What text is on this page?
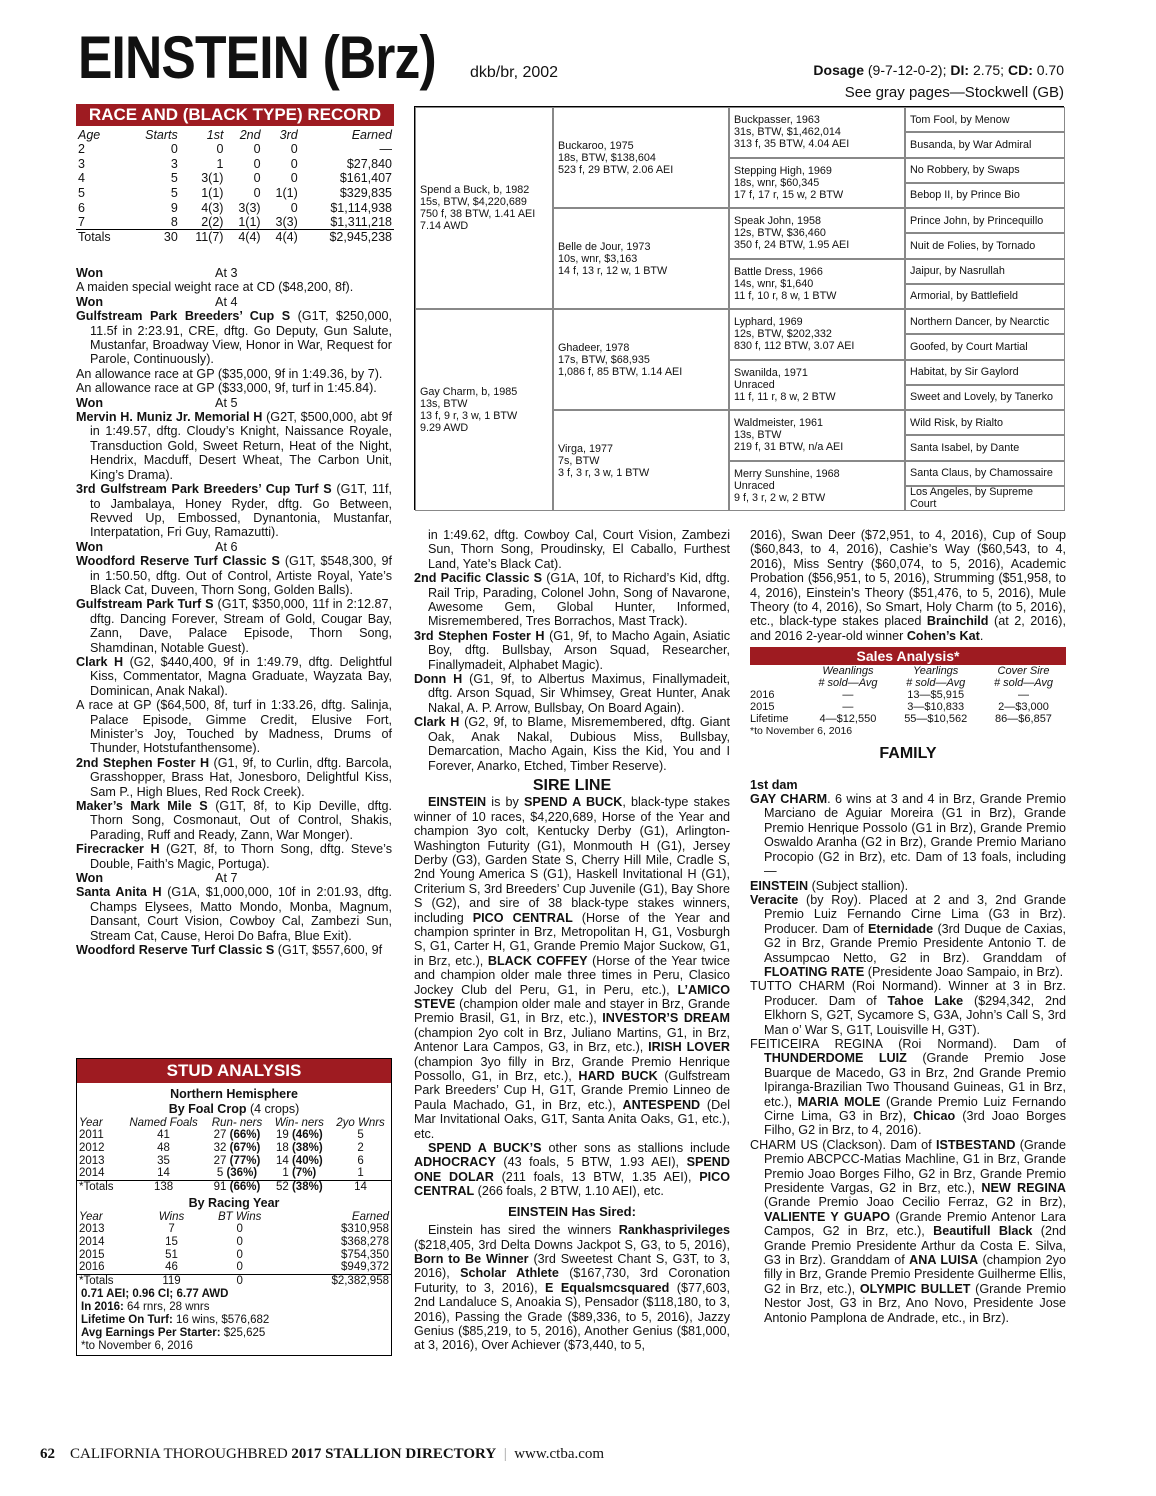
EINSTEIN (Brz) dkb/br, 2002	Dosage (9-7-12-0-2); DI: 2.75; CD: 0.70
See gray pages—Stockwell (GB)
RACE AND (BLACK TYPE) RECORD
Age	Starts	1st	2nd	3rd	Earned
2	0	0	0	0	—
3	3	1	0	0	$27,840
4	5	3(1)	0	0	$161,407
5	5	1(1)	0	1(1)	$329,835
6	9	4(3)	3(3)	0	$1,114,938
7	8	2(2)	1(1)	3(3)	$1,311,218
Totals	30	11(7)	4(4)	4(4)	$2,945,238
Won	At 3

A maiden special weight race at CD ($48,200, 8f).

Won	At 4

Gulfstream Park Breeders’ Cup S (G1T, $250,000, 11.5f in 2:23.91, CRE, dftg. Go Deputy, Gun Salute, Mustanfar, Broadway View, Honor in War, Request for Parole, Continuously).

An allowance race at GP ($35,000, 9f in 1:49.36, by 7).

An allowance race at GP ($33,000, 9f, turf in 1:45.84).

Won	At 5

Mervin H. Muniz Jr. Memorial H (G2T, $500,000, abt 9f in 1:49.57, dftg. Cloudy’s Knight, Naissance Royale, Transduction Gold, Sweet Return, Heat of the Night, Hendrix, Macduff, Desert Wheat, The Carbon Unit, King’s Drama).

3rd Gulfstream Park Breeders’ Cup Turf S (G1T, 11f, to Jambalaya, Honey Ryder, dftg. Go Between, Revved Up, Embossed, Dynantonia, Mustanfar, Interpatation, Fri Guy, Ramazutti).

Won	At 6

Woodford Reserve Turf Classic S (G1T, $548,300, 9f in 1:50.50, dftg. Out of Control, Artiste Royal, Yate’s Black Cat, Duveen, Thorn Song, Golden Balls).

Gulfstream Park Turf S (G1T, $350,000, 11f in 2:12.87, dftg. Dancing Forever, Stream of Gold, Cougar Bay, Zann, Dave, Palace Episode, Thorn Song, Shamdinan, Notable Guest).

Clark H (G2, $440,400, 9f in 1:49.79, dftg. Delightful Kiss, Commentator, Magna Graduate, Wayzata Bay, Dominican, Anak Nakal).

A race at GP ($64,500, 8f, turf in 1:33.26, dftg. Salinja, Palace Episode, Gimme Credit, Elusive Fort, Minister’s Joy, Touched by Madness, Drums of Thunder, Hotstufanthensome).

2nd Stephen Foster H (G1, 9f, to Curlin, dftg. Barcola, Grasshopper, Brass Hat, Jonesboro, Delightful Kiss, Sam P., High Blues, Red Rock Creek).

Maker’s Mark Mile S (G1T, 8f, to Kip Deville, dftg. Thorn Song, Cosmonaut, Out of Control, Shakis, Parading, Ruff and Ready, Zann, War Monger).

Firecracker H (G2T, 8f, to Thorn Song, dftg. Steve’s Double, Faith’s Magic, Portuga).

Won	At 7

Santa Anita H (G1A, $1,000,000, 10f in 2:01.93, dftg. Champs Elysees, Matto Mondo, Monba, Magnum, Dansant, Court Vision, Cowboy Cal, Zambezi Sun, Stream Cat, Cause, Heroi Do Bafra, Blue Exit).

Woodford Reserve Turf Classic S (G1T, $557,600, 9f

STUD ANALYSIS
Northern Hemisphere
By Foal Crop (4 crops)
Year	Named Foals	Run- ners	Win- ners	2yo Wnrs
2011	41	27 (66%)	19 (46%)	5
2012	48	32 (67%)	18 (38%)	2
2013	35	27 (77%)	14 (40%)	6
2014	14	5 (36%)	1 (7%)	1
*Totals	138	91 (66%)	52 (38%)	14
By Racing Year
Year	Wins	BT Wins	Earned
2013	7	0	$310,958
2014	15	0	$368,278
2015	51	0	$754,350
2016	46	0	$949,372
*Totals	119	0	$2,382,958
0.71 AEI; 0.96 CI; 6.77 AWD
In 2016: 64 rnrs, 28 wnrs
Lifetime On Turf: 16 wins, $576,682
Avg Earnings Per Starter: $25,625
*to November 6, 2016
Spend a Buck, b, 1982
15s, BTW, $4,220,689
750 f, 38 BTW, 1.41 AEI
7.14 AWD
Gay Charm, b, 1985
13s, BTW
13 f, 9 r, 3 w, 1 BTW
9.29 AWD
Buckaroo, 1975
18s, BTW, $138,604
523 f, 29 BTW, 2.06 AEI
Belle de Jour, 1973
10s, wnr, $3,163
14 f, 13 r, 12 w, 1 BTW
Ghadeer, 1978
17s, BTW, $68,935
1,086 f, 85 BTW, 1.14 AEI
Virga, 1977
7s, BTW
3 f, 3 r, 3 w, 1 BTW
Buckpasser, 1963
31s, BTW, $1,462,014
313 f, 35 BTW, 4.04 AEI
Stepping High, 1969
18s, wnr, $60,345
17 f, 17 r, 15 w, 2 BTW
Speak John, 1958
12s, BTW, $36,460
350 f, 24 BTW, 1.95 AEI
Battle Dress, 1966
14s, wnr, $1,640
11 f, 10 r, 8 w, 1 BTW
Lyphard, 1969
12s, BTW, $202,332
830 f, 112 BTW, 3.07 AEI
Swanilda, 1971
Unraced
11 f, 11 r, 8 w, 2 BTW
Waldmeister, 1961
13s, BTW
219 f, 31 BTW, n/a AEI
Merry Sunshine, 1968
Unraced
9 f, 3 r, 2 w, 2 BTW
Tom Fool, by Menow
Busanda, by War Admiral
No Robbery, by Swaps
Bebop II, by Prince Bio
Prince John, by Princequillo
Nuit de Folies, by Tornado
Jaipur, by Nasrullah
Armorial, by Battlefield
Northern Dancer, by Nearctic
Goofed, by Court Martial
Habitat, by Sir Gaylord
Sweet and Lovely, by Tanerko
Wild Risk, by Rialto
Santa Isabel, by Dante
Santa Claus, by Chamossaire
Los Angeles, by Supreme Court

in 1:49.62, dftg. Cowboy Cal, Court Vision, Zambezi Sun, Thorn Song, Proudinsky, El Caballo, Furthest Land, Yate’s Black Cat).

2nd Pacific Classic S (G1A, 10f, to Richard’s Kid, dftg. Rail Trip, Parading, Colonel John, Song of Navarone, Awesome Gem, Global Hunter, Informed, Misremembered, Tres Borrachos, Mast Track).

3rd Stephen Foster H (G1, 9f, to Macho Again, Asiatic Boy, dftg. Bullsbay, Arson Squad, Researcher, Finallymadeit, Alphabet Magic).

Donn H (G1, 9f, to Albertus Maximus, Finallymadeit, dftg. Arson Squad, Sir Whimsey, Great Hunter, Anak Nakal, A. P. Arrow, Bullsbay, On Board Again).

Clark H (G2, 9f, to Blame, Misremembered, dftg. Giant Oak, Anak Nakal, Dubious Miss, Bullsbay, Demarcation, Macho Again, Kiss the Kid, You and I Forever, Anarko, Etched, Timber Reserve).

SIRE LINE

EINSTEIN is by SPEND A BUCK, black-type stakes winner of 10 races, $4,220,689, Horse of the Year and champion 3yo colt, Kentucky Derby (G1), Arlington-Washington Futurity (G1), Monmouth H (G1), Jersey Derby (G3), Garden State S, Cherry Hill Mile, Cradle S, 2nd Young America S (G1), Haskell Invitational H (G1), Criterium S, 3rd Breeders’ Cup Juvenile (G1), Bay Shore S (G2), and sire of 38 black-type stakes winners, including PICO CENTRAL (Horse of the Year and champion sprinter in Brz, Metropolitan H, G1, Vosburgh S, G1, Carter H, G1, Grande Premio Major Suckow, G1, in Brz, etc.), BLACK COFFEY (Horse of the Year twice and champion older male three times in Peru, Clasico Jockey Club del Peru, G1, in Peru, etc.), L’AMICO STEVE (champion older male and stayer in Brz, Grande Premio Brasil, G1, in Brz, etc.), INVESTOR’S DREAM (champion 2yo colt in Brz, Juliano Martins, G1, in Brz, Antenor Lara Campos, G3, in Brz, etc.), IRISH LOVER (champion 3yo filly in Brz, Grande Premio Henrique Possollo, G1, in Brz, etc.), HARD BUCK (Gulfstream Park Breeders’ Cup H, G1T, Grande Premio Linneo de Paula Machado, G1, in Brz, etc.), ANTESPEND (Del Mar Invitational Oaks, G1T, Santa Anita Oaks, G1, etc.), etc.

SPEND A BUCK’S other sons as stallions include ADHOCRACY (43 foals, 5 BTW, 1.93 AEI), SPEND ONE DOLAR (211 foals, 13 BTW, 1.35 AEI), PICO CENTRAL (266 foals, 2 BTW, 1.10 AEI), etc.

EINSTEIN Has Sired:

Einstein has sired the winners Rankhasprivileges ($218,405, 3rd Delta Downs Jackpot S, G3, to 5, 2016), Born to Be Winner (3rd Sweetest Chant S, G3T, to 3, 2016), Scholar Athlete ($167,730, 3rd Coronation Futurity, to 3, 2016), E Equalsmcsquared ($77,603, 2nd Landaluce S, Anoakia S), Pensador ($118,180, to 3, 2016), Passing the Grade ($89,336, to 5, 2016), Jazzy Genius ($85,219, to 5, 2016), Another Genius ($81,000, at 3, 2016), Over Achiever ($73,440, to 5,

2016), Swan Deer ($72,951, to 4, 2016), Cup of Soup ($60,843, to 4, 2016), Cashie’s Way ($60,543, to 4, 2016), Miss Sentry ($60,074, to 5, 2016), Academic Probation ($56,951, to 5, 2016), Strumming ($51,958, to 4, 2016), Einstein’s Theory ($51,476, to 5, 2016), Mule Theory (to 4, 2016), So Smart, Holy Charm (to 5, 2016), etc., black-type stakes placed Brainchild (at 2, 2016), and 2016 2-year-old winner Cohen’s Kat.

Sales Analysis*
	Weanlings	Yearlings	Cover Sire
	# sold—Avg	# sold—Avg	# sold—Avg
2016	—	13—$5,915	—
2015	—	3—$10,833	2—$3,000
Lifetime	4—$12,550	55—$10,562	86—$6,857
*to November 6, 2016
FAMILY

1st dam

GAY CHARM. 6 wins at 3 and 4 in Brz, Grande Premio Marciano de Aguiar Moreira (G1 in Brz), Grande Premio Henrique Possolo (G1 in Brz), Grande Premio Oswaldo Aranha (G2 in Brz), Grande Premio Mariano Procopio (G2 in Brz), etc. Dam of 13 foals, including—

EINSTEIN (Subject stallion).

Veracite (by Roy). Placed at 2 and 3, 2nd Grande Premio Luiz Fernando Cirne Lima (G3 in Brz). Producer. Dam of Eternidade (3rd Duque de Caxias, G2 in Brz, Grande Premio Presidente Antonio T. de Assumpcao Netto, G2 in Brz). Granddam of FLOATING RATE (Presidente Joao Sampaio, in Brz).

TUTTO CHARM (Roi Normand). Winner at 3 in Brz. Producer. Dam of Tahoe Lake ($294,342, 2nd Elkhorn S, G2T, Sycamore S, G3A, John’s Call S, 3rd Man o’ War S, G1T, Louisville H, G3T).

FEITICEIRA REGINA (Roi Normand). Dam of THUNDERDOME LUIZ (Grande Premio Jose Buarque de Macedo, G3 in Brz, 2nd Grande Premio Ipiranga-Brazilian Two Thousand Guineas, G1 in Brz, etc.), MARIA MOLE (Grande Premio Luiz Fernando Cirne Lima, G3 in Brz), Chicao (3rd Joao Borges Filho, G2 in Brz, to 4, 2016).

CHARM US (Clackson). Dam of ISTBESTAND (Grande Premio ABCPCC-Matias Machline, G1 in Brz, Grande Premio Joao Borges Filho, G2 in Brz, Grande Premio Presidente Vargas, G2 in Brz, etc.), NEW REGINA (Grande Premio Joao Cecilio Ferraz, G2 in Brz), VALIENTE Y GUAPO (Grande Premio Antenor Lara Campos, G2 in Brz, etc.), Beautifull Black (2nd Grande Premio Presidente Arthur da Costa E. Silva, G3 in Brz). Granddam of ANA LUISA (champion 2yo filly in Brz, Grande Premio Presidente Guilherme Ellis, G2 in Brz, etc.), OLYMPIC BULLET (Grande Premio Nestor Jost, G3 in Brz, Ano Novo, Presidente Jose Antonio Pamplona de Andrade, etc., in Brz).

62 CALIFORNIA THOROUGHBRED 2017 STALLION DIRECTORY  |  www.ctba.com
